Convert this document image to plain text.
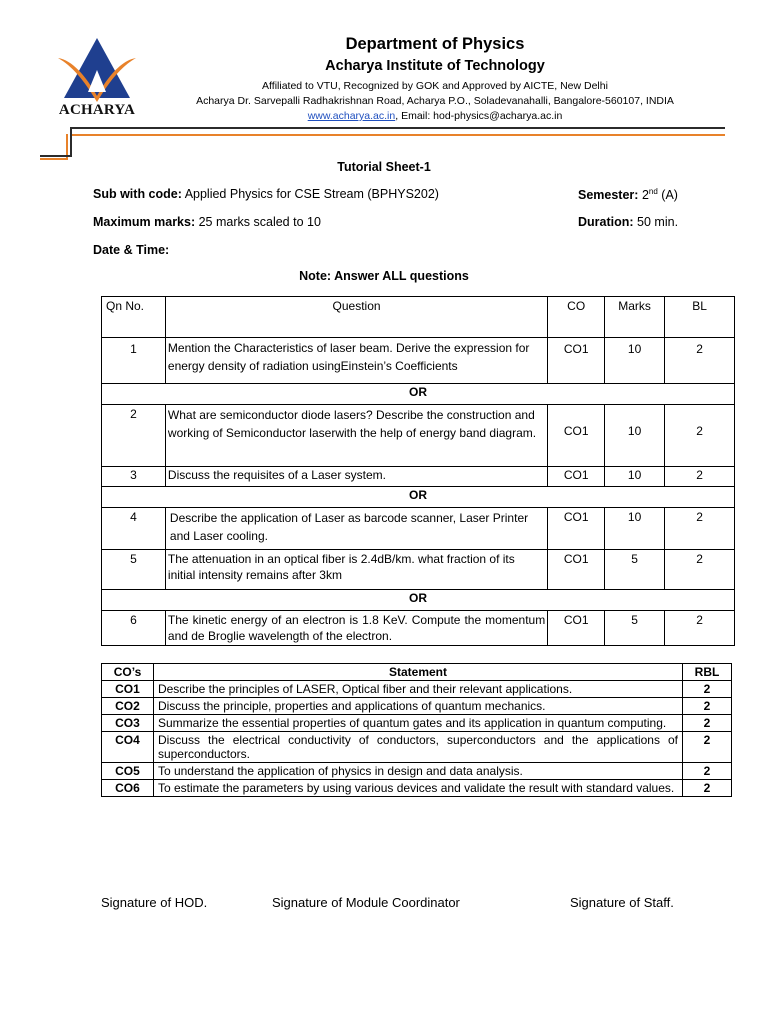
ACHARYA
Department of Physics
Acharya Institute of Technology
Affiliated to VTU, Recognized by GOK and Approved by AICTE, New Delhi
Acharya Dr. Sarvepalli Radhakrishnan Road, Acharya P.O., Soladevanahalli, Bangalore-560107, INDIA
www.acharya.ac.in, Email: hod-physics@acharya.ac.in
Tutorial Sheet-1
Sub with code: Applied Physics for CSE Stream (BPHYS202)	Semester: 2nd (A)
Maximum marks: 25 marks scaled to 10	Duration: 50 min.
Date & Time:
Note: Answer ALL questions
Qn No.	Question	CO	Marks	BL
1	Mention the Characteristics of laser beam. Derive the expression for energy density of radiation usingEinstein’s Coefficients	CO1	10	2
OR				
2	What are semiconductor diode lasers? Describe the construction and working of Semiconductor laserwith the help of energy band diagram.	CO1	10	2
3	Discuss the requisites of a Laser system.	CO1	10	2
OR				
4	Describe the application of Laser as barcode scanner, Laser Printer and Laser cooling.	CO1	10	2
5	The attenuation in an optical fiber is 2.4dB/km. what fraction of its initial intensity remains after 3km	CO1	5	2
OR				
6	The kinetic energy of an electron is 1.8 KeV. Compute the momentum and de Broglie wavelength of the electron.	CO1	5	2
CO’s	Statement	RBL
CO1	Describe the principles of LASER, Optical fiber and their relevant applications.	2
CO2	Discuss the principle, properties and applications of quantum mechanics.	2
CO3	Summarize the essential properties of quantum gates and its application in quantum computing.	2
CO4	Discuss the electrical conductivity of conductors, superconductors and the applications of superconductors.	2
CO5	To understand the application of physics in design and data analysis.	2
CO6	To estimate the parameters by using various devices and validate the result with standard values.	2
Signature of HOD.	Signature of Module Coordinator	Signature of Staff.
